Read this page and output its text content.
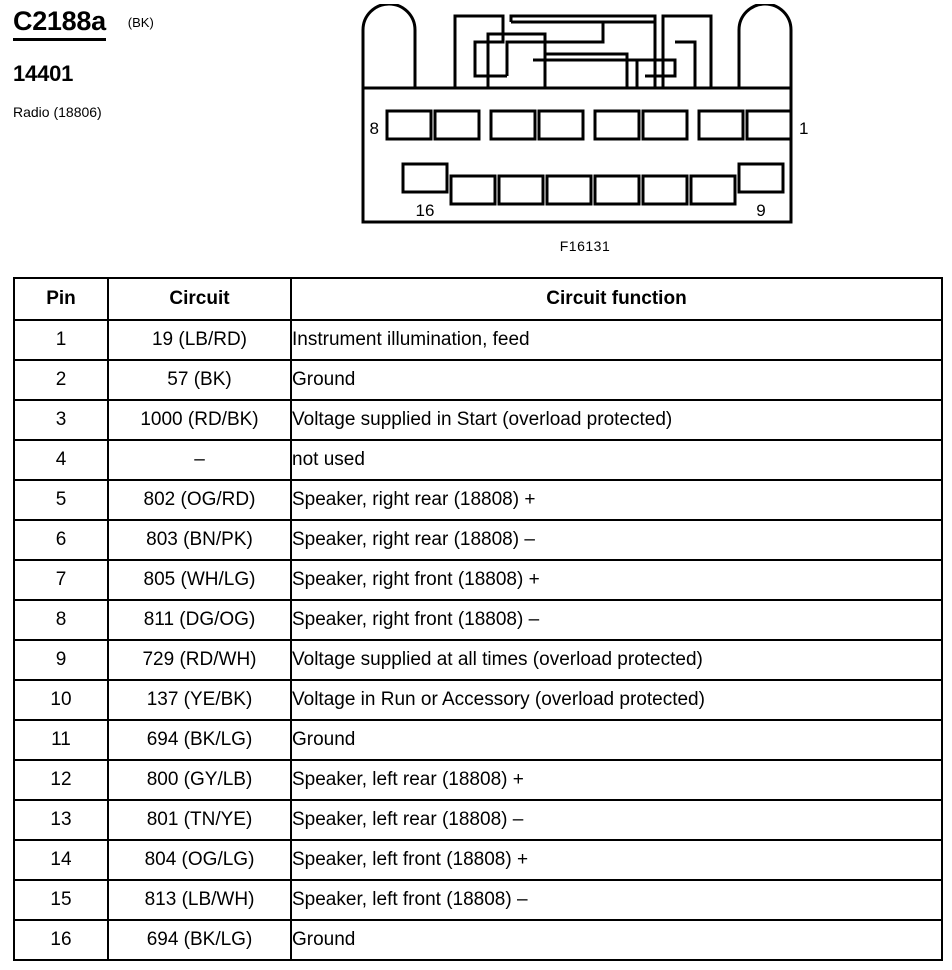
C2188a (BK)
14401
Radio (18806)
8	1
16	9
F16131
Pin	Circuit	Circuit function
1	19 (LB/RD)	Instrument illumination, feed
2	57 (BK)	Ground
3	1000 (RD/BK)	Voltage supplied in Start (overload protected)
4	–	not used
5	802 (OG/RD)	Speaker, right rear (18808) +
6	803 (BN/PK)	Speaker, right rear (18808) –
7	805 (WH/LG)	Speaker, right front (18808) +
8	811 (DG/OG)	Speaker, right front (18808) –
9	729 (RD/WH)	Voltage supplied at all times (overload protected)
10	137 (YE/BK)	Voltage in Run or Accessory (overload protected)
11	694 (BK/LG)	Ground
12	800 (GY/LB)	Speaker, left rear (18808) +
13	801 (TN/YE)	Speaker, left rear (18808) –
14	804 (OG/LG)	Speaker, left front (18808) +
15	813 (LB/WH)	Speaker, left front (18808) –
16	694 (BK/LG)	Ground
